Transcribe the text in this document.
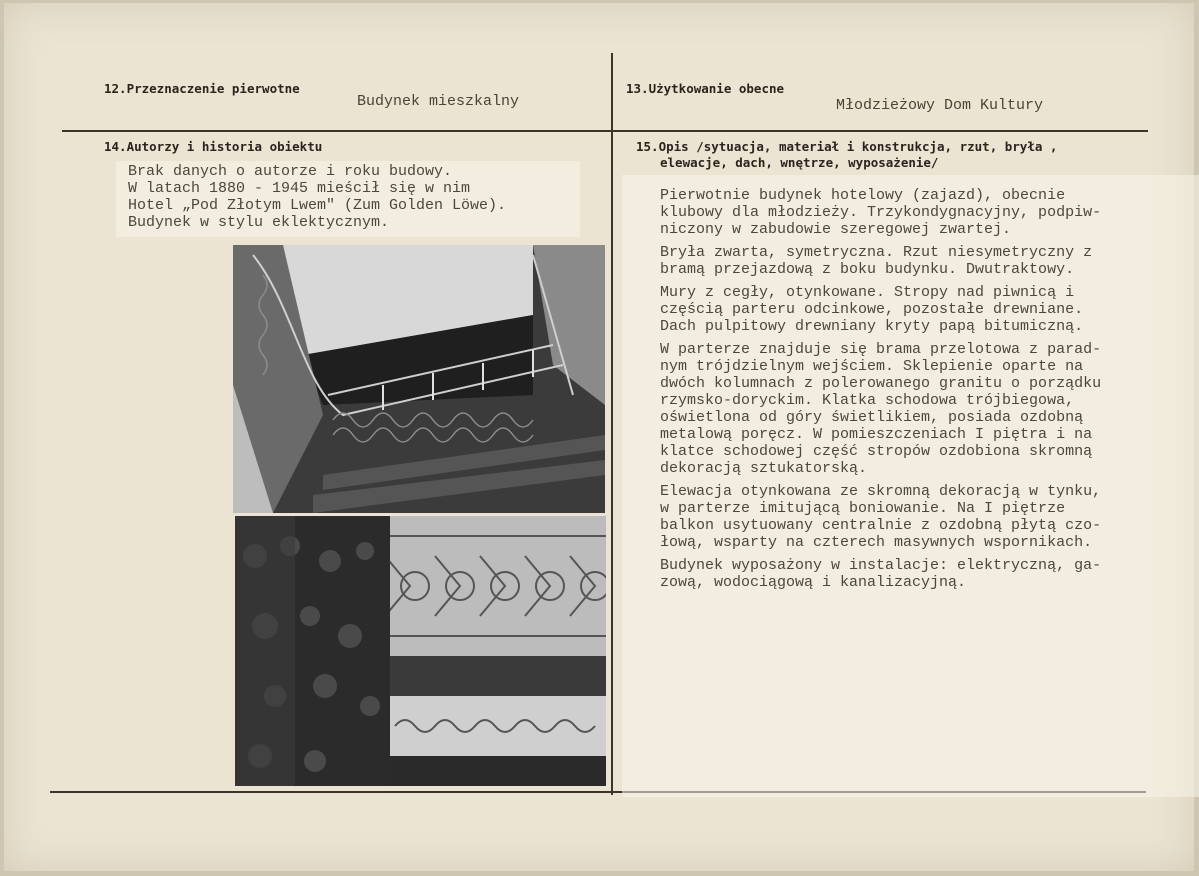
12.Przeznaczenie pierwotne
Budynek mieszkalny
13.Użytkowanie obecne
Młodzieżowy Dom Kultury
14.Autorzy i historia obiektu

Brak danych o autorze i roku budowy.

W latach 1880 - 1945 mieścił się w nim

Hotel „Pod Złotym Lwem" (Zum Golden Löwe).

Budynek w stylu eklektycznym.

15.Opis /sytuacja, materiał i konstrukcja, rzut, bryła ,
elewacje, dach, wnętrze, wyposażenie/

Pierwotnie budynek hotelowy (zajazd), obecnie

klubowy dla młodzieży. Trzykondygnacyjny, podpiw-

niczony w zabudowie szeregowej zwartej.

Bryła zwarta, symetryczna. Rzut niesymetryczny z

bramą przejazdową z boku budynku. Dwutraktowy.

Mury z cegły, otynkowane. Stropy nad piwnicą i

częścią parteru odcinkowe, pozostałe drewniane.

Dach pulpitowy drewniany kryty papą bitumiczną.

W parterze znajduje się brama przelotowa z parad-

nym trójdzielnym wejściem. Sklepienie oparte na

dwóch kolumnach z polerowanego granitu o porządku

rzymsko-doryckim. Klatka schodowa trójbiegowa,

oświetlona od góry świetlikiem, posiada ozdobną

metalową poręcz. W pomieszczeniach I piętra i na

klatce schodowej część stropów ozdobiona skromną

dekoracją sztukatorską.

Elewacja otynkowana ze skromną dekoracją w tynku,

w parterze imitującą boniowanie. Na I piętrze

balkon usytuowany centralnie z ozdobną płytą czo-

łową, wsparty na czterech masywnych wspornikach.

Budynek wyposażony w instalacje: elektryczną, ga-

zową, wodociągową i kanalizacyjną.
